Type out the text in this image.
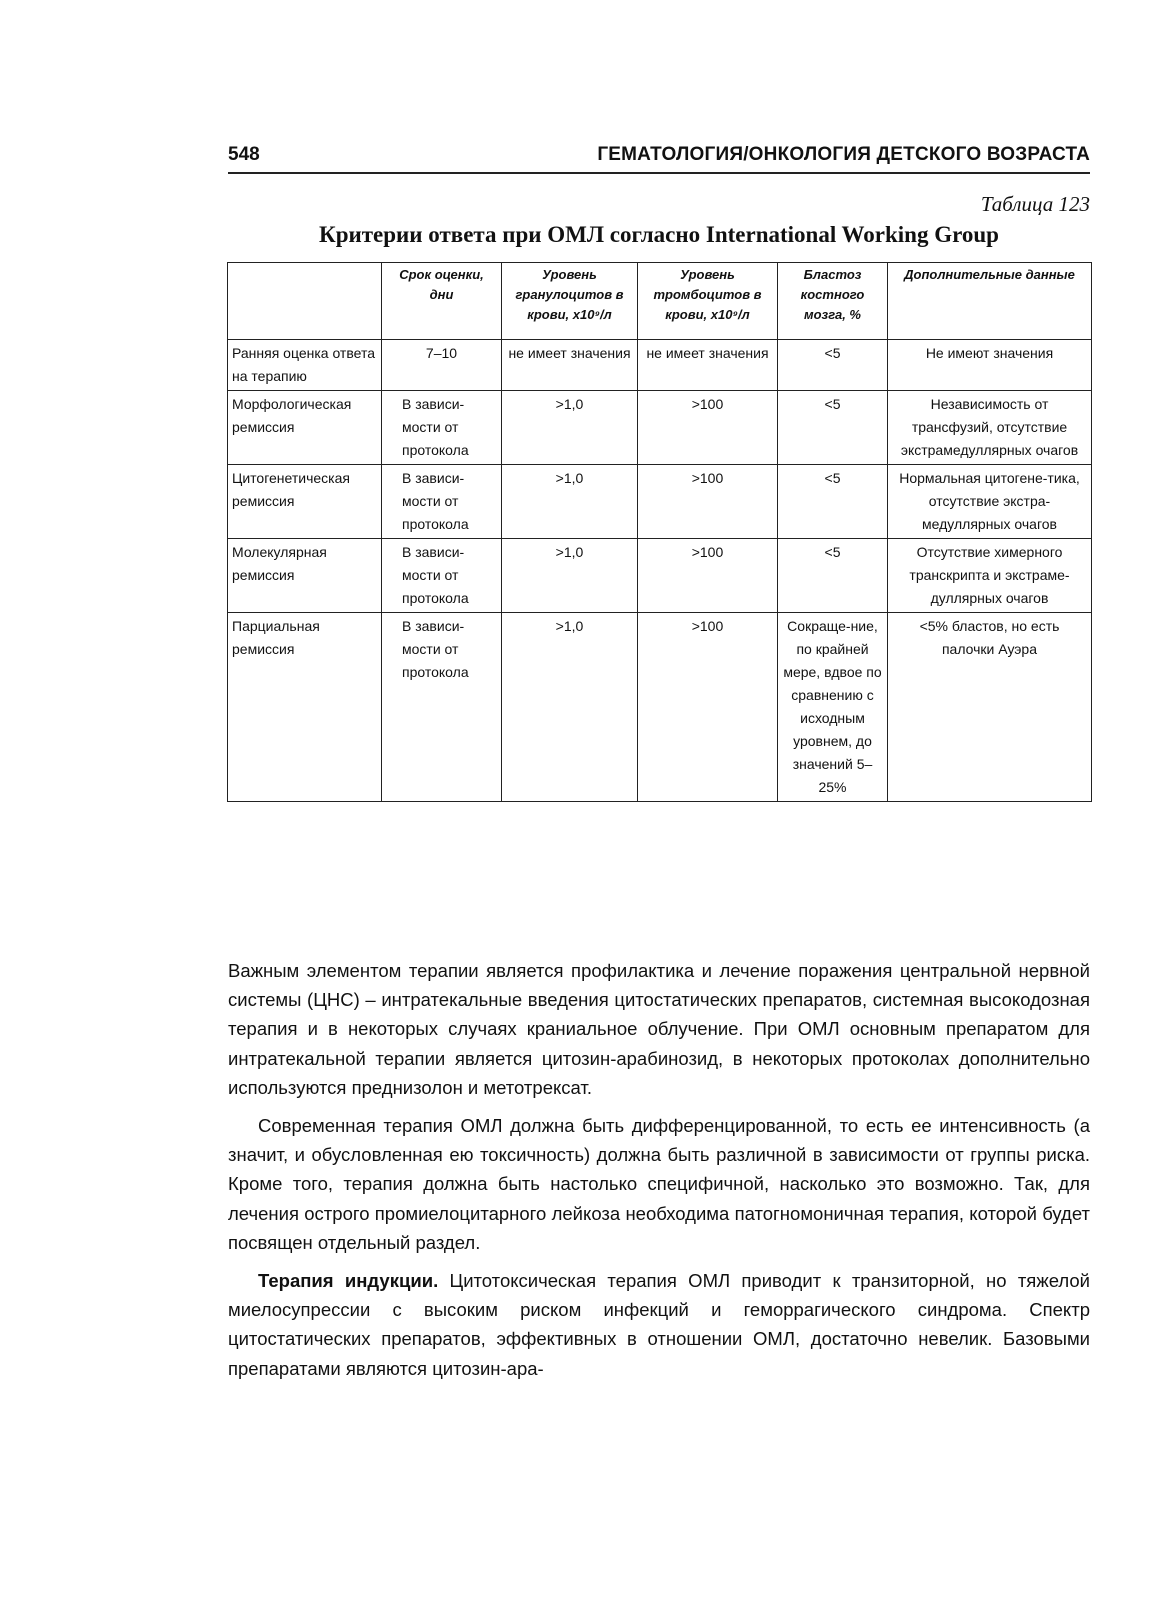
548	ГЕМАТОЛОГИЯ/ОНКОЛОГИЯ ДЕТСКОГО ВОЗРАСТА
Таблица 123
Критерии ответа при ОМЛ согласно International Working Group
	Срок оценки, дни	Уровень гранулоцитов в крови, х10⁹/л	Уровень тромбоцитов в крови, х10⁹/л	Бластоз костного мозга, %	Дополнительные данные
Ранняя оценка ответа на терапию	7–10	не имеет значения	не имеет значения	<5	Не имеют значения
Морфологическая ремиссия	В зависи-мости от протокола	>1,0	>100	<5	Независимость от трансфузий, отсутствие экстрамедуллярных очагов
Цитогенетическая ремиссия	В зависи-мости от протокола	>1,0	>100	<5	Нормальная цитогене-тика, отсутствие экстра-медуллярных очагов
Молекулярная ремиссия	В зависи-мости от протокола	>1,0	>100	<5	Отсутствие химерного транскрипта и экстраме-дуллярных очагов
Парциальная ремиссия	В зависи-мости от протокола	>1,0	>100	Сокраще-ние, по крайней мере, вдвое по сравнению с исходным уровнем, до значений 5–25%	<5% бластов, но есть палочки Ауэра

Важным элементом терапии является профилактика и лечение поражения центральной нервной системы (ЦНС) – интратекальные введения цитостатических препаратов, системная высокодозная терапия и в некоторых случаях краниальное облучение. При ОМЛ основным препаратом для интратекальной терапии является цитозин-арабинозид, в некоторых протоколах дополнительно используются преднизолон и метотрексат.

Современная терапия ОМЛ должна быть дифференцированной, то есть ее интенсивность (а значит, и обусловленная ею токсичность) должна быть различной в зависимости от группы риска. Кроме того, терапия должна быть настолько специфичной, насколько это возможно. Так, для лечения острого промиелоцитарного лейкоза необходима патогномоничная терапия, которой будет посвящен отдельный раздел.

Терапия индукции. Цитотоксическая терапия ОМЛ приводит к транзиторной, но тяжелой миелосупрессии с высоким риском инфекций и геморрагического синдрома. Спектр цитостатических препаратов, эффективных в отношении ОМЛ, достаточно невелик. Базовыми препаратами являются цитозин-ара-
